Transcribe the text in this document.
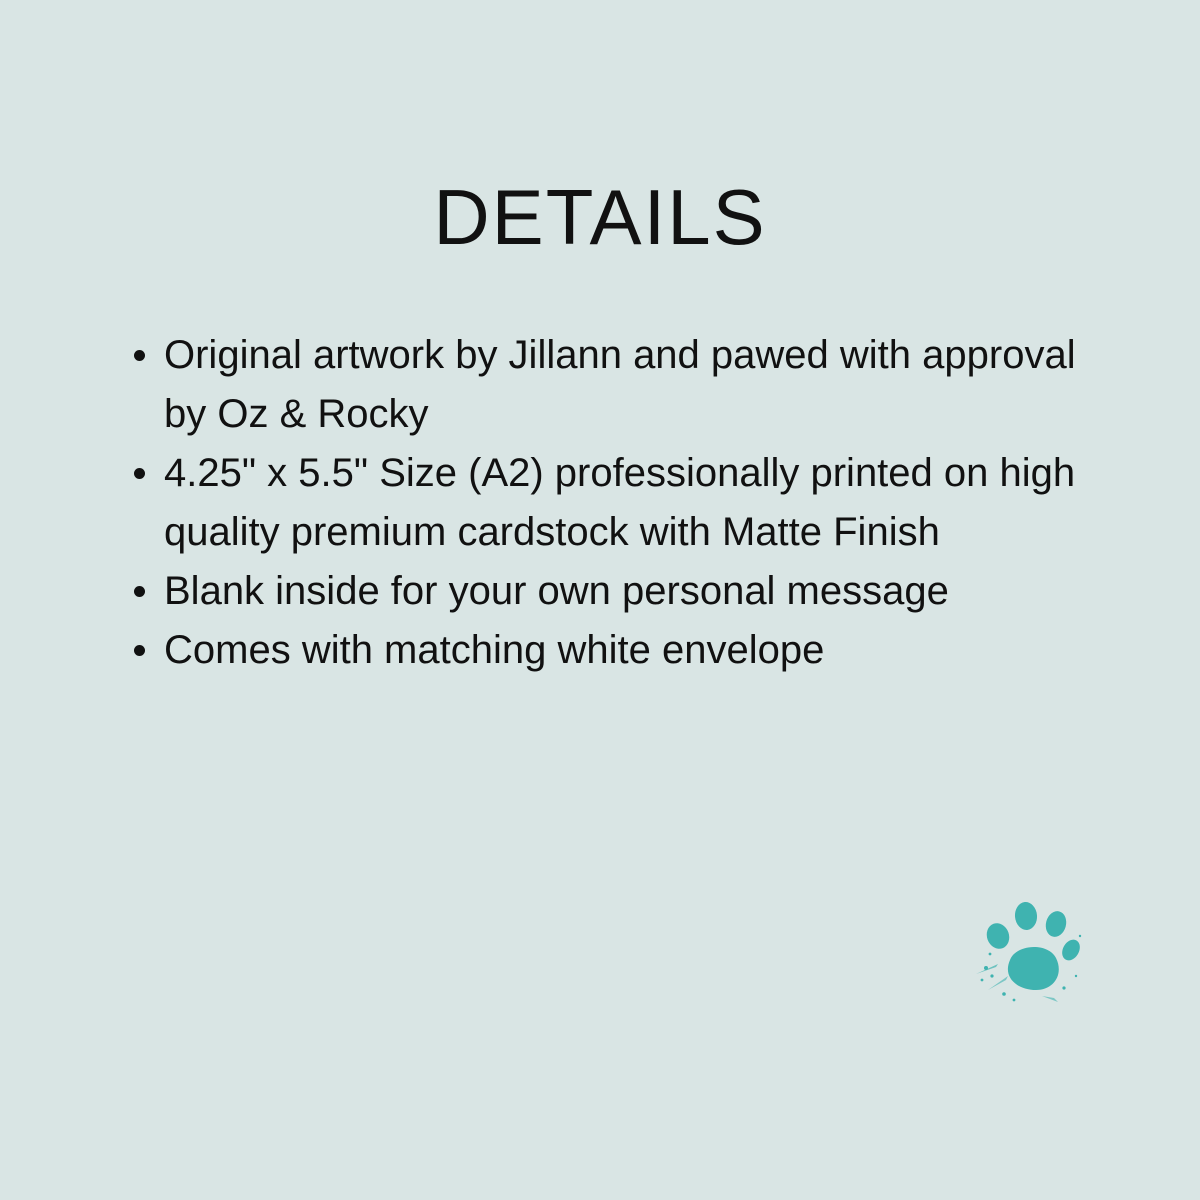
DETAILS
Original artwork by Jillann and pawed with approval by Oz & Rocky
4.25" x 5.5" Size (A2) professionally printed on high quality premium cardstock with Matte Finish
Blank inside for your own personal message
Comes with matching white envelope
